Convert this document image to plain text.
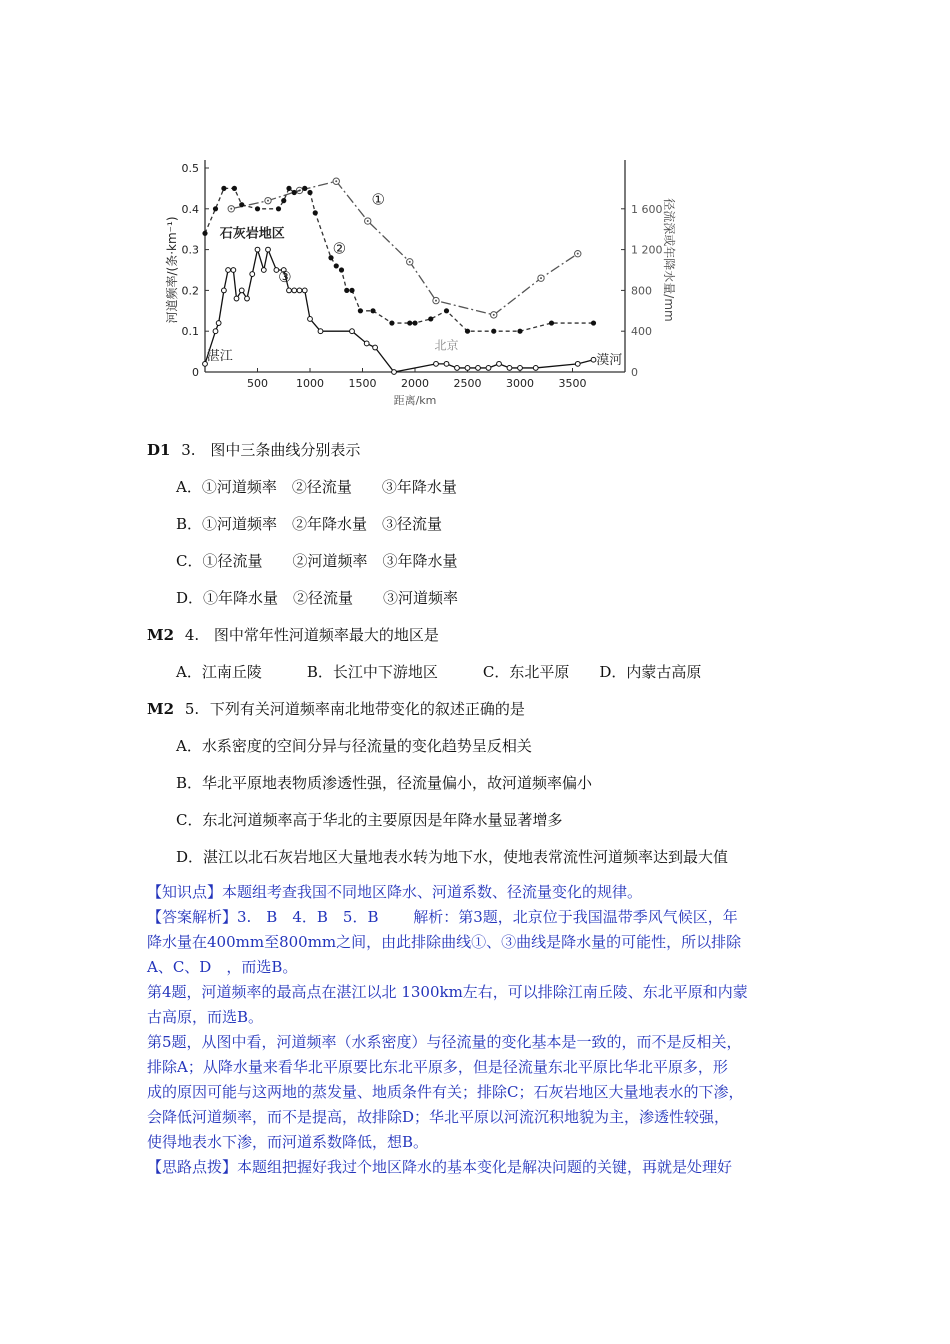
500	1000 1500 2000 2500 3000 3500
0
0.1
0.2
0.3
0.4
0.5
0
400
800
1 200
1 600
距离/km
河道频率/(条·km⁻¹)	径流深或年降水量/mm
石灰岩地区
湛江
北京
漠河
①
②
③
D1 3. 图中三条曲线分别表示
A．①河道频率　②径流量　　③年降水量
B．①河道频率　②年降水量　③径流量
C．①径流量　　②河道频率　③年降水量
D．①年降水量　②径流量　　③河道频率
M2 4. 图中常年性河道频率最大的地区是
A．江南丘陵　　　B．长江中下游地区　　　C．东北平原　　D．内蒙古高原
M2 5. 下列有关河道频率南北地带变化的叙述正确的是
A．水系密度的空间分异与径流量的变化趋势呈反相关
B．华北平原地表物质渗透性强，径流量偏小，故河道频率偏小
C．东北河道频率高于华北的主要原因是年降水量显著增多
D．湛江以北石灰岩地区大量地表水转为地下水，使地表常流性河道频率达到最大值
【知识点】本题组考查我国不同地区降水、河道系数、径流量变化的规律。
【答案解析】3.　B　4．B　5．B　　 解析：第3题，北京位于我国温带季风气候区，年
降水量在400mm至800mm之间，由此排除曲线①、③曲线是降水量的可能性，所以排除
A、C、D　，而选B。
第4题，河道频率的最高点在湛江以北 1300km左右，可以排除江南丘陵、东北平原和内蒙
古高原，而选B。
第5题，从图中看，河道频率（水系密度）与径流量的变化基本是一致的，而不是反相关，
排除A；从降水量来看华北平原要比东北平原多，但是径流量东北平原比华北平原多，形
成的原因可能与这两地的蒸发量、地质条件有关；排除C；石灰岩地区大量地表水的下渗，
会降低河道频率，而不是提高，故排除D；华北平原以河流沉积地貌为主，渗透性较强，
使得地表水下渗，而河道系数降低，想B。
【思路点拨】本题组把握好我过个地区降水的基本变化是解决问题的关键，再就是处理好
